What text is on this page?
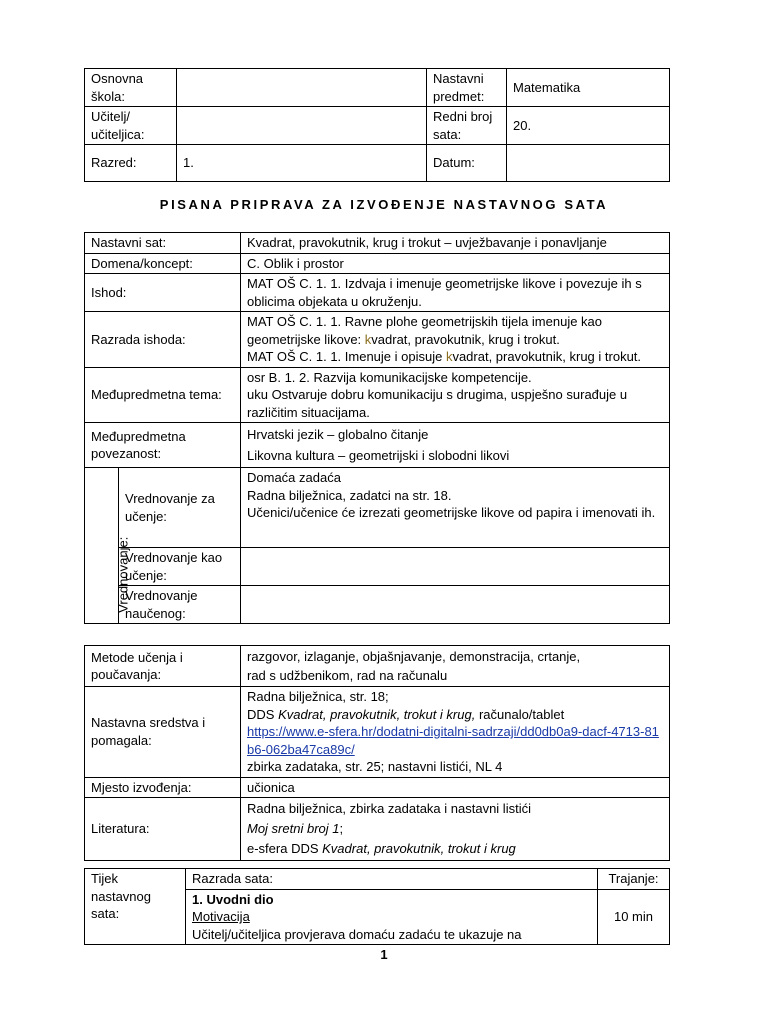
Osnovna škola:		Nastavni predmet:	Matematika
Učitelj/ učiteljica:		Redni broj sata:	20.
Razred:	1.	Datum:	
PISANA PRIPRAVA ZA IZVOĐENJE NASTAVNOG SATA
Nastavni sat:		Kvadrat, pravokutnik, krug i trokut – uvježbavanje i ponavljanje
Domena/koncept:		C. Oblik i prostor
Ishod:		MAT OŠ C. 1. 1. Izdvaja i imenuje geometrijske likove i povezuje ih s oblicima objekata u okruženju.
Razrada ishoda:		MAT OŠ C. 1. 1. Ravne plohe geometrijskih tijela imenuje kao geometrijske likove: kvadrat, pravokutnik, krug i trokut.
MAT OŠ C. 1. 1. Imenuje i opisuje kvadrat, pravokutnik, krug i trokut.
Međupredmetna tema:		osr B. 1. 2. Razvija komunikacijske kompetencije.
uku Ostvaruje dobru komunikaciju s drugima, uspješno surađuje u različitim situacijama.
Međupredmetna povezanost:		Hrvatski jezik – globalno čitanje
Likovna kultura – geometrijski i slobodni likovi
Vrednovanje:	Vrednovanje za učenje:	Domaća zadaća
Radna bilježnica, zadatci na str. 18.
Učenici/učenice će izrezati geometrijske likove od papira i imenovati ih.
	Vrednovanje kao učenje:	
	Vrednovanje naučenog:	
Metode učenja i poučavanja:	razgovor, izlaganje, objašnjavanje, demonstracija, crtanje,
rad s udžbenikom, rad na računalu
Nastavna sredstva i pomagala:	Radna bilježnica, str. 18;
DDS Kvadrat, pravokutnik, trokut i krug, računalo/tablet
https://www.e-sfera.hr/dodatni-digitalni-sadrzaji/dd0db0a9-dacf-4713-81b6-062ba47ca89c/
zbirka zadataka, str. 25; nastavni listići, NL 4
Mjesto izvođenja:	učionica
Literatura:	Radna bilježnica, zbirka zadataka i nastavni listići
Moj sretni broj 1;
e-sfera DDS Kvadrat, pravokutnik, trokut i krug
Tijek nastavnog sata:	Razrada sata:	Trajanje:
	1. Uvodni dio
Motivacija
Učitelj/učiteljica provjerava domaću zadaću te ukazuje na	10 min
1
